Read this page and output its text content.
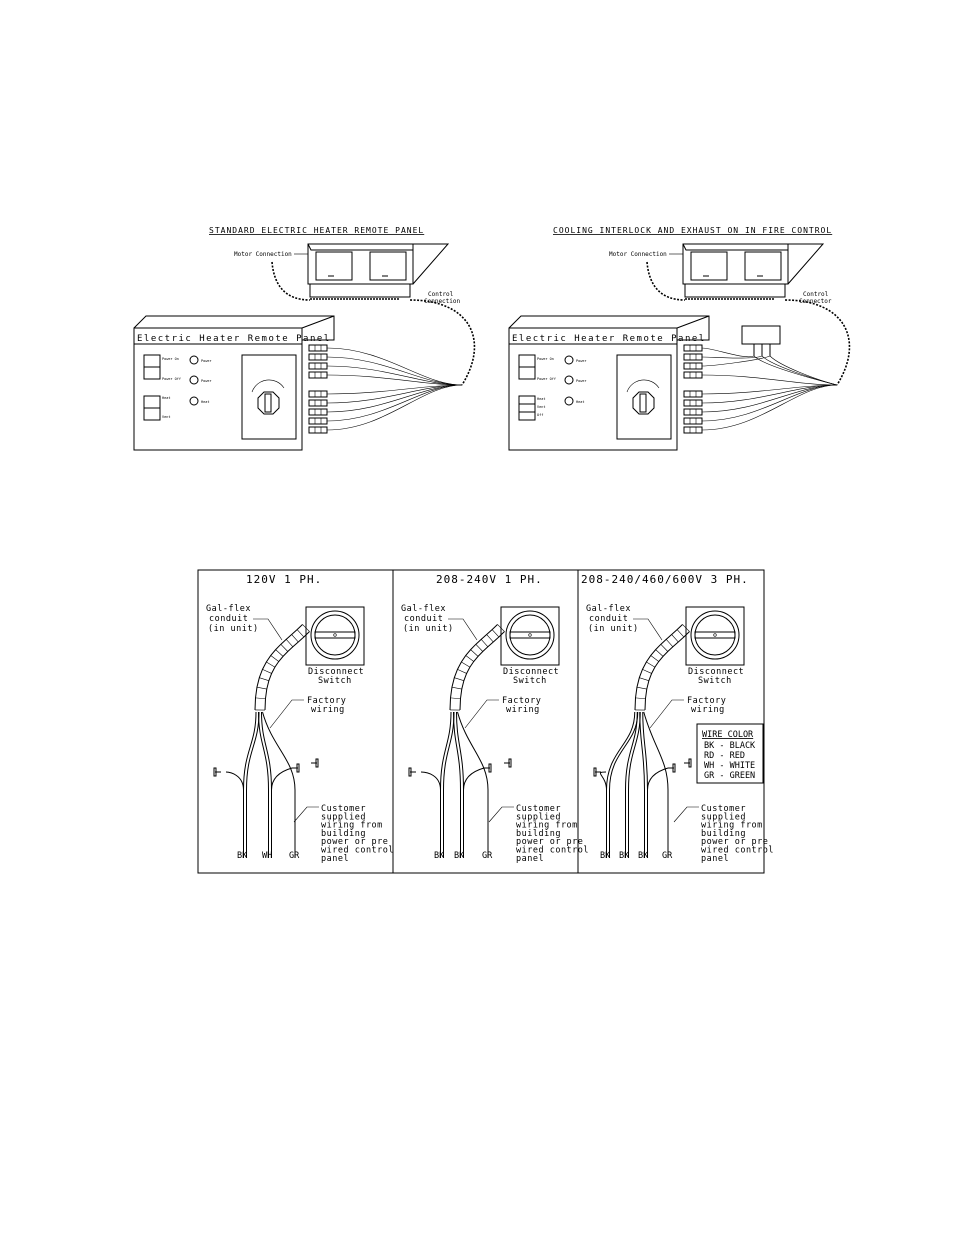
STANDARD ELECTRIC HEATER REMOTE PANEL
Motor Connection
Control
Connection
Electric Heater Remote Panel
Power On
Power Off
Heat
Vent
Power
Power
Heat
COOLING INTERLOCK AND EXHAUST ON IN FIRE CONTROL
Motor Connection
Control
Connector
Electric Heater Remote Panel
Power On
Power Off
Heat
Vent
Off
Power
Power
Heat
120V 1 PH.
Gal-flex
conduit
(in unit)
Disconnect
Switch
Factory
wiring
Customer
supplied
wiring from
building
power or pre
wired control
panel
BK WH GR
208-240V 1 PH.
Gal-flex
conduit
(in unit)
Disconnect
Switch
Factory
wiring
Customer
supplied
wiring from
building
power or pre
wired control
panel
BK BK GR
208-240/460/600V 3 PH.
Gal-flex
conduit
(in unit)
Disconnect
Switch
Factory
wiring
Customer
supplied
wiring from
building
power or pre
wired control
panel
BK BK BK GR
WIRE COLOR
BK - BLACK
RD - RED
WH - WHITE
GR - GREEN
